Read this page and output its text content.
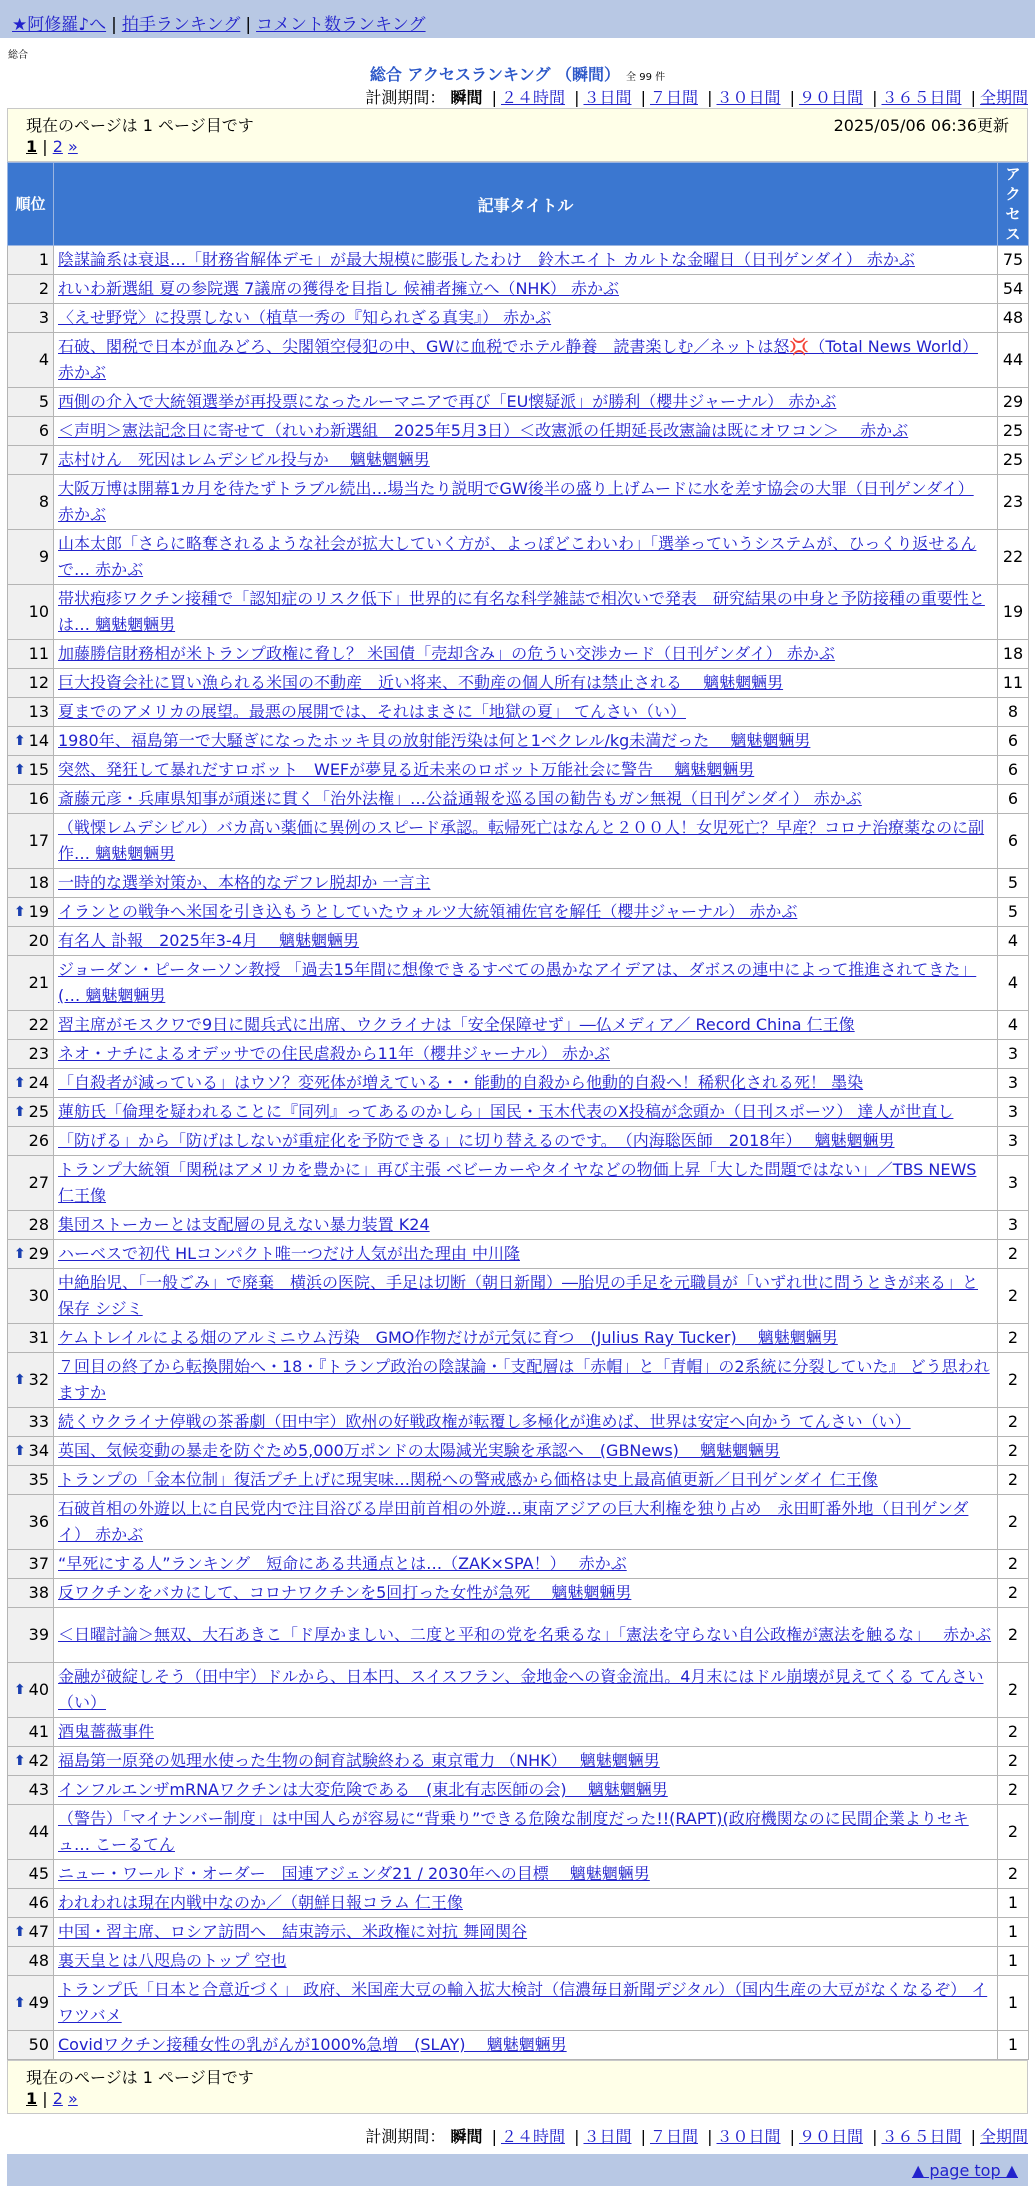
★阿修羅♪へ | 拍手ランキング | コメント数ランキング
総合
総合 アクセスランキング （瞬間） 全 99 件
計測期間： 瞬間 | ２４時間 | ３日間 | ７日間 | ３０日間 | ９０日間 | ３６５日間 | 全期間
現在のページは 1 ページ目です	2025/05/06 06:36更新
1 | 2 »
順位	記事タイトル	アクセス
1	陰謀論系は衰退…「財務省解体デモ」が最大規模に膨張したわけ　鈴木エイト カルトな金曜日（日刊ゲンダイ） 赤かぶ	75
2	れいわ新選組 夏の参院選 7議席の獲得を目指し 候補者擁立へ（NHK） 赤かぶ	54
3	〈えせ野党〉に投票しない（植草一秀の『知られざる真実』） 赤かぶ	48
4	石破、閣税で日本が血みどろ、尖閣領空侵犯の中、GWに血税でホテル静養　読書楽しむ／ネットは怒💢（Total News World） 赤かぶ	44
5	西側の介入で大統領選挙が再投票になったルーマニアで再び「EU懐疑派」が勝利（櫻井ジャーナル） 赤かぶ	29
6	＜声明＞憲法記念日に寄せて（れいわ新選組　2025年5月3日）＜改憲派の任期延長改憲論は既にオワコン＞　 赤かぶ	25
7	志村けん　死因はレムデシビル投与か　 魑魅魍魎男	25
8	大阪万博は開幕1カ月を待たずトラブル続出…場当たり説明でGW後半の盛り上げムードに水を差す協会の大罪（日刊ゲンダイ） 赤かぶ	23
9	山本太郎「さらに略奪されるような社会が拡大していく方が、よっぽどこわいわ」「選挙っていうシステムが、ひっくり返せるんで… 赤かぶ	22
10	帯状疱疹ワクチン接種で「認知症のリスク低下」世界的に有名な科学雑誌で相次いで発表　研究結果の中身と予防接種の重要性とは… 魑魅魍魎男	19
11	加藤勝信財務相が米トランプ政権に脅し？ 米国債「売却含み」の危うい交渉カード（日刊ゲンダイ） 赤かぶ	18
12	巨大投資会社に買い漁られる米国の不動産　近い将来、不動産の個人所有は禁止される　 魑魅魍魎男	11
13	夏までのアメリカの展望。最悪の展開では、それはまさに「地獄の夏」 てんさい（い）	8

⬆ 14	1980年、福島第一で大騒ぎになったホッキ貝の放射能汚染は何と1ベクレル/kg未満だった　 魑魅魍魎男	6

⬆ 15	突然、発狂して暴れだすロボット　WEFが夢見る近未来のロボット万能社会に警告　 魑魅魍魎男	6
16	斎藤元彦・兵庫県知事が頑迷に貫く「治外法権」…公益通報を巡る国の勧告もガン無視（日刊ゲンダイ） 赤かぶ	6
17	（戦慄レムデシビル）バカ高い薬価に異例のスピード承認。転帰死亡はなんと２００人！女児死亡？早産？コロナ治療薬なのに副作… 魑魅魍魎男	6
18	一時的な選挙対策か、本格的なデフレ脱却か 一言主	5

⬆ 19	イランとの戦争へ米国を引き込もうとしていたウォルツ大統領補佐官を解任（櫻井ジャーナル） 赤かぶ	5
20	有名人 訃報　2025年3-4月　 魑魅魍魎男	4
21	ジョーダン・ピーターソン教授 「過去15年間に想像できるすべての愚かなアイデアは、ダボスの連中によって推進されてきた」(… 魑魅魍魎男	4
22	習主席がモスクワで9日に閲兵式に出席、ウクライナは「安全保障せず」―仏メディア／ Record China 仁王像	4
23	ネオ・ナチによるオデッサでの住民虐殺から11年（櫻井ジャーナル） 赤かぶ	3

⬆ 24	「自殺者が減っている」はウソ？変死体が増えている・・能動的自殺から他動的自殺へ！稀釈化される死！ 墨染	3

⬆ 25	蓮舫氏「倫理を疑われることに『同列』ってあるのかしら」国民・玉木代表のX投稿が念頭か（日刊スポーツ） 達人が世直し	3
26	「防げる」から「防げはしないが重症化を予防できる」に切り替えるのです。　（内海聡医師　2018年）　 魑魅魍魎男	3
27	トランプ大統領「関税はアメリカを豊かに」再び主張 ベビーカーやタイヤなどの物価上昇「大した問題ではない」／TBS NEWS 仁王像	3
28	集団ストーカーとは支配層の見えない暴力装置 K24	3

⬆ 29	ハーベスで初代 HLコンパクト唯一つだけ人気が出た理由 中川隆	2
30	中絶胎児、「一般ごみ」で廃棄　横浜の医院、手足は切断（朝日新聞）―胎児の手足を元職員が「いずれ世に問うときが来る」と保存 シジミ	2
31	ケムトレイルによる畑のアルミニウム汚染　GMO作物だけが元気に育つ　(Julius Ray Tucker)　 魑魅魍魎男	2

⬆ 32	７回目の終了から転換開始へ・18・『トランプ政治の陰謀論・「支配層は「赤帽」と「青帽」の2系統に分裂していた』 どう思われますか	2
33	続くウクライナ停戦の茶番劇（田中宇）欧州の好戦政権が転覆し多極化が進めば、世界は安定へ向かう てんさい（い）	2

⬆ 34	英国、気候変動の暴走を防ぐため5,000万ポンドの太陽減光実験を承認へ　(GBNews)　 魑魅魍魎男	2
35	トランプの「金本位制」復活プチ上げに現実味…関税への警戒感から価格は史上最高値更新／日刊ゲンダイ 仁王像	2
36	石破首相の外遊以上に自民党内で注目浴びる岸田前首相の外遊…東南アジアの巨大利権を独り占め　永田町番外地（日刊ゲンダイ） 赤かぶ	2
37	“早死にする人”ランキング　短命にある共通点とは…（ZAK×SPA！）　 赤かぶ	2
38	反ワクチンをバカにして、コロナワクチンを5回打った女性が急死　 魑魅魍魎男	2
39	＜日曜討論＞無双、大石あきこ「ド厚かましい、二度と平和の党を名乗るな」「憲法を守らない自公政権が憲法を触るな」　 赤かぶ	2

⬆ 40	金融が破綻しそう（田中宇）ドルから、日本円、スイスフラン、金地金への資金流出。4月末にはドル崩壊が見えてくる てんさい（い）	2
41	酒鬼薔薇事件	2

⬆ 42	福島第一原発の処理水使った生物の飼育試験終わる 東京電力 （NHK）　 魑魅魍魎男	2
43	インフルエンザmRNAワクチンは大変危険である　(東北有志医師の会)　 魑魅魍魎男	2
44	（警告）「マイナンバー制度」は中国人らが容易に“背乗り”できる危険な制度だった!!(RAPT)(政府機関なのに民間企業よりセキュ… こーるてん	2
45	ニュー・ワールド・オーダー　国連アジェンダ21 / 2030年への目標　 魑魅魍魎男	2
46	われわれは現在内戦中なのか／（朝鮮日報コラム 仁王像	1

⬆ 47	中国・習主席、ロシア訪問へ　結束誇示、米政権に対抗 舞岡関谷	1
48	裏天皇とは八咫烏のトップ 空也	1

⬆ 49	トランプ氏「日本と合意近づく」 政府、米国産大豆の輸入拡大検討（信濃毎日新聞デジタル）（国内生産の大豆がなくなるぞ） イワツバメ	1
50	Covidワクチン接種女性の乳がんが1000%急増　(SLAY)　 魑魅魍魎男	1
現在のページは 1 ページ目です
1 | 2 »
計測期間： 瞬間 | ２４時間 | ３日間 | ７日間 | ３０日間 | ９０日間 | ３６５日間 | 全期間
▲ page top ▲
